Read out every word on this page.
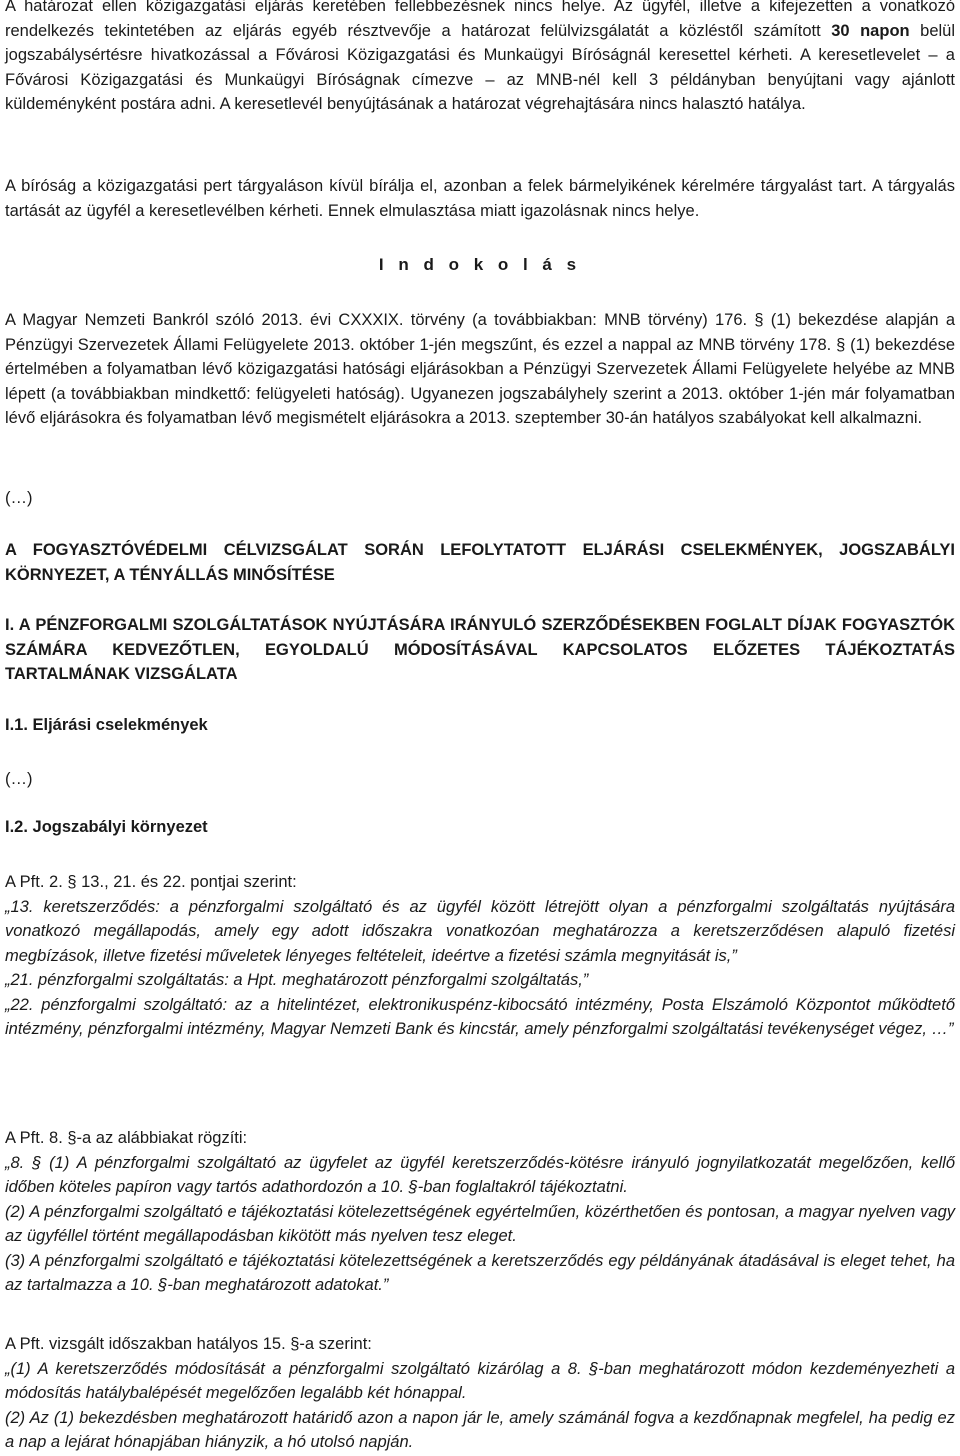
A határozat ellen közigazgatási eljárás keretében fellebbezésnek nincs helye. Az ügyfél, illetve a kifejezetten a vonatkozó rendelkezés tekintetében az eljárás egyéb résztvevője a határozat felülvizsgálatát a közléstől számított 30 napon belül jogszabálysértésre hivatkozással a Fővárosi Közigazgatási és Munkaügyi Bíróságnál keresettel kérheti. A keresetlevelet – a Fővárosi Közigazgatási és Munkaügyi Bíróságnak címezve – az MNB-nél kell 3 példányban benyújtani vagy ajánlott küldeményként postára adni. A keresetlevél benyújtásának a határozat végrehajtására nincs halasztó hatálya.

A bíróság a közigazgatási pert tárgyaláson kívül bírálja el, azonban a felek bármelyikének kérelmére tárgyalást tart. A tárgyalás tartását az ügyfél a keresetlevélben kérheti. Ennek elmulasztása miatt igazolásnak nincs helye.

I n d o k o l á s

A Magyar Nemzeti Bankról szóló 2013. évi CXXXIX. törvény (a továbbiakban: MNB törvény) 176. § (1) bekezdése alapján a Pénzügyi Szervezetek Állami Felügyelete 2013. október 1-jén megszűnt, és ezzel a nappal az MNB törvény 178. § (1) bekezdése értelmében a folyamatban lévő közigazgatási hatósági eljárásokban a Pénzügyi Szervezetek Állami Felügyelete helyébe az MNB lépett (a továbbiakban mindkettő: felügyeleti hatóság). Ugyanezen jogszabályhely szerint a 2013. október 1-jén már folyamatban lévő eljárásokra és folyamatban lévő megismételt eljárásokra a 2013. szeptember 30-án hatályos szabályokat kell alkalmazni.

(…)
A FOGYASZTÓVÉDELMI CÉLVIZSGÁLAT SORÁN LEFOLYTATOTT ELJÁRÁSI CSELEKMÉNYEK, JOGSZABÁLYI KÖRNYEZET, A TÉNYÁLLÁS MINŐSÍTÉSE
I. A PÉNZFORGALMI SZOLGÁLTATÁSOK NYÚJTÁSÁRA IRÁNYULÓ SZERZŐDÉSEKBEN FOGLALT DÍJAK FOGYASZTÓK SZÁMÁRA KEDVEZŐTLEN, EGYOLDALÚ MÓDOSÍTÁSÁVAL KAPCSOLATOS ELŐZETES TÁJÉKOZTATÁS TARTALMÁNAK VIZSGÁLATA
I.1. Eljárási cselekmények
(…)
I.2. Jogszabályi környezet

A Pft. 2. § 13., 21. és 22. pontjai szerint:

„13. keretszerződés: a pénzforgalmi szolgáltató és az ügyfél között létrejött olyan a pénzforgalmi szolgáltatás nyújtására vonatkozó megállapodás, amely egy adott időszakra vonatkozóan meghatározza a keretszerződésen alapuló fizetési megbízások, illetve fizetési műveletek lényeges feltételeit, ideértve a fizetési számla megnyitását is,”

„21. pénzforgalmi szolgáltatás: a Hpt. meghatározott pénzforgalmi szolgáltatás,”

„22. pénzforgalmi szolgáltató: az a hitelintézet, elektronikuspénz-kibocsátó intézmény, Posta Elszámoló Központot működtető intézmény, pénzforgalmi intézmény, Magyar Nemzeti Bank és kincstár, amely pénzforgalmi szolgáltatási tevékenységet végez, …”

A Pft. 8. §-a az alábbiakat rögzíti:

„8. § (1) A pénzforgalmi szolgáltató az ügyfelet az ügyfél keretszerződés-kötésre irányuló jognyilatkozatát megelőzően, kellő időben köteles papíron vagy tartós adathordozón a 10. §-ban foglaltakról tájékoztatni.

(2) A pénzforgalmi szolgáltató e tájékoztatási kötelezettségének egyértelműen, közérthetően és pontosan, a magyar nyelven vagy az ügyféllel történt megállapodásban kikötött más nyelven tesz eleget.

(3) A pénzforgalmi szolgáltató e tájékoztatási kötelezettségének a keretszerződés egy példányának átadásával is eleget tehet, ha az tartalmazza a 10. §-ban meghatározott adatokat.”

A Pft. vizsgált időszakban hatályos 15. §-a szerint:

„(1) A keretszerződés módosítását a pénzforgalmi szolgáltató kizárólag a 8. §-ban meghatározott módon kezdeményezheti a módosítás hatálybalépését megelőzően legalább két hónappal.

(2) Az (1) bekezdésben meghatározott határidő azon a napon jár le, amely számánál fogva a kezdőnapnak megfelel, ha pedig ez a nap a lejárat hónapjában hiányzik, a hó utolsó napján.
